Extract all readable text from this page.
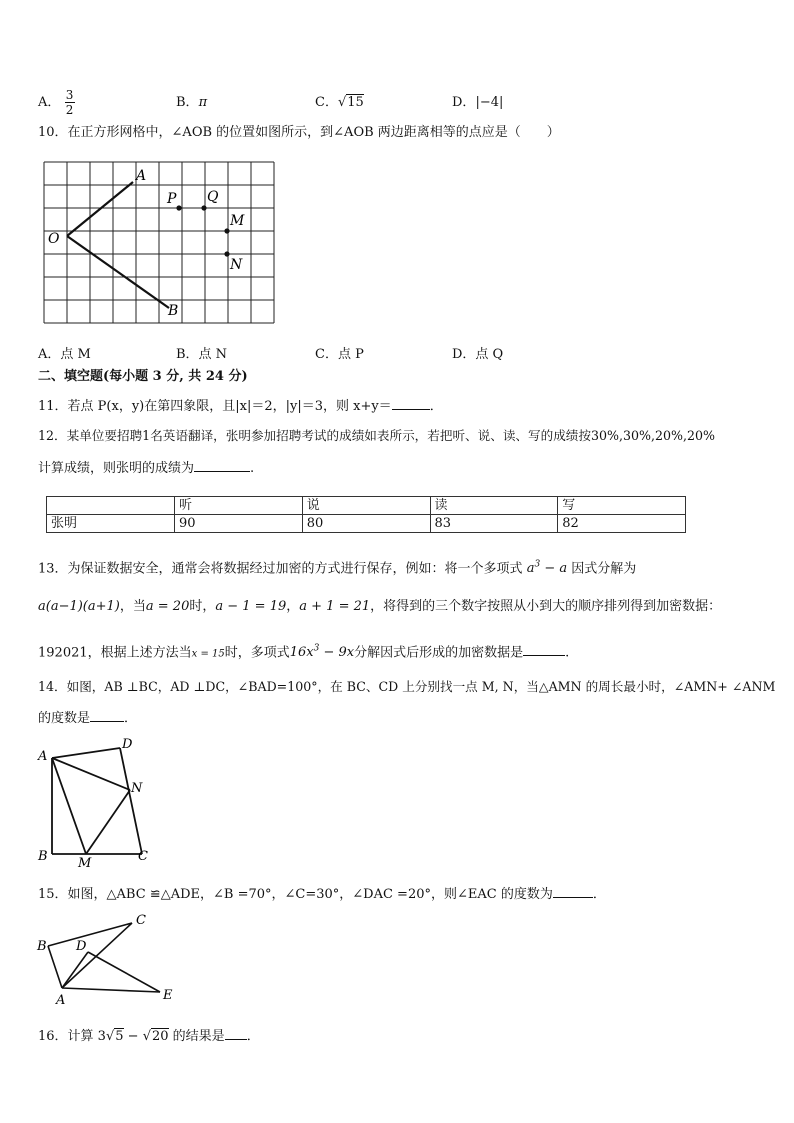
A． $\frac{3}{2}$	B．π	C．√15	D．|−4|
10．在正方形网格中，∠AOB 的位置如图所示，到∠AOB 两边距离相等的点应是（　　）
A
B
O
P Q
M
N
A．点 M	B．点 N	C．点 P	D．点 Q
二、填空题(每小题 3 分, 共 24 分)
11．若点 P(x，y)在第四象限，且|x|＝2，|y|＝3，则 x+y＝	．
12．某单位要招聘1名英语翻译，张明参加招聘考试的成绩如表所示，若把听、说、读、写的成绩按30%,30%,20%,20%
计算成绩，则张明的成绩为	.
	听	说	读	写
张明	90	80	83	82
13．为保证数据安全，通常会将数据经过加密的方式进行保存，例如：将一个多项式 $a^3 - a$ 因式分解为
a(a−1)(a+1)，当a = 20时，a − 1 = 19，a + 1 = 21，将得到的三个数字按照从小到大的顺序排列得到加密数据：
192021，根据上述方法当x = 15时，多项式$16x^3 - 9x$分解因式后形成的加密数据是	.
14．如图，AB ⊥BC，AD ⊥DC，∠BAD=100°，在 BC、CD 上分别找一点 M, N，当△AMN 的周长最小时，∠AMN+ ∠ANM
的度数是	．
A
D
N
B M	C
15．如图，△ABC ≌△ADE，∠B =70°，∠C=30°，∠DAC =20°，则∠EAC 的度数为	．
B
C
D
A	E
16．计算 3√5 − √20 的结果是 ．
